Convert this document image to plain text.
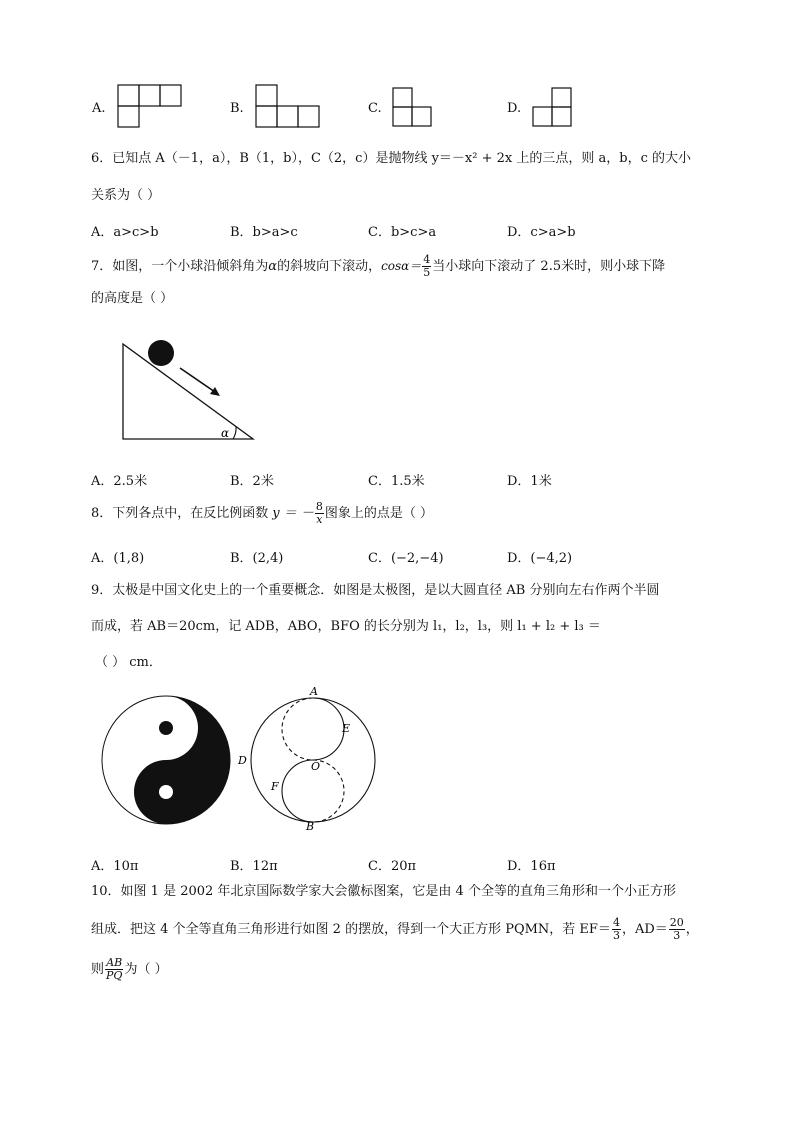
A.	B.	C.	D.
6．已知点 A（－1，a），B（1，b），C（2，c）是抛物线 y＝－x² + 2x 上的三点，则 a，b，c 的大小
关系为（ ）
A．a>c>b	B．b>a>c	C．b>c>a	D．c>a>b
7．如图，一个小球沿倾斜角为 α 的斜坡向下滚动， $\cos\alpha= \frac{4}{5}$ 当小球向下滚动了 2.5米时，则小球下降
的高度是（ ）
α
A．2.5米	B．2米	C．1.5米	D．1米
8．下列各点中，在反比例函数 y ＝ － $\frac{8}{x}$ 图象上的点是（ ）
A．(1,8)	B．(2,4)	C．(−2,−4)	D．(−4,2)
9．太极是中国文化史上的一个重要概念．如图是太极图，是以大圆直径 AB 分别向左右作两个半圆
而成，若 AB＝20cm，记 ADB，ABO，BFO 的长分别为 l₁，l₂，l₃，则 l₁ + l₂ + l₃ ＝
（ ） cm．
A
E
D	O
F
B
A．10π	B．12π	C．20π	D．16π
10．如图 1 是 2002 年北京国际数学家大会徽标图案，它是由 4 个全等的直角三角形和一个小正方形
组成．把这 4 个全等直角三角形进行如图 2 的摆放，得到一个大正方形 PQMN，若 $EF= \frac{4}{3}$ ，$AD= \frac{20}{3}$ ，
则 $\frac{AB}{PQ}$ 为（ ）
